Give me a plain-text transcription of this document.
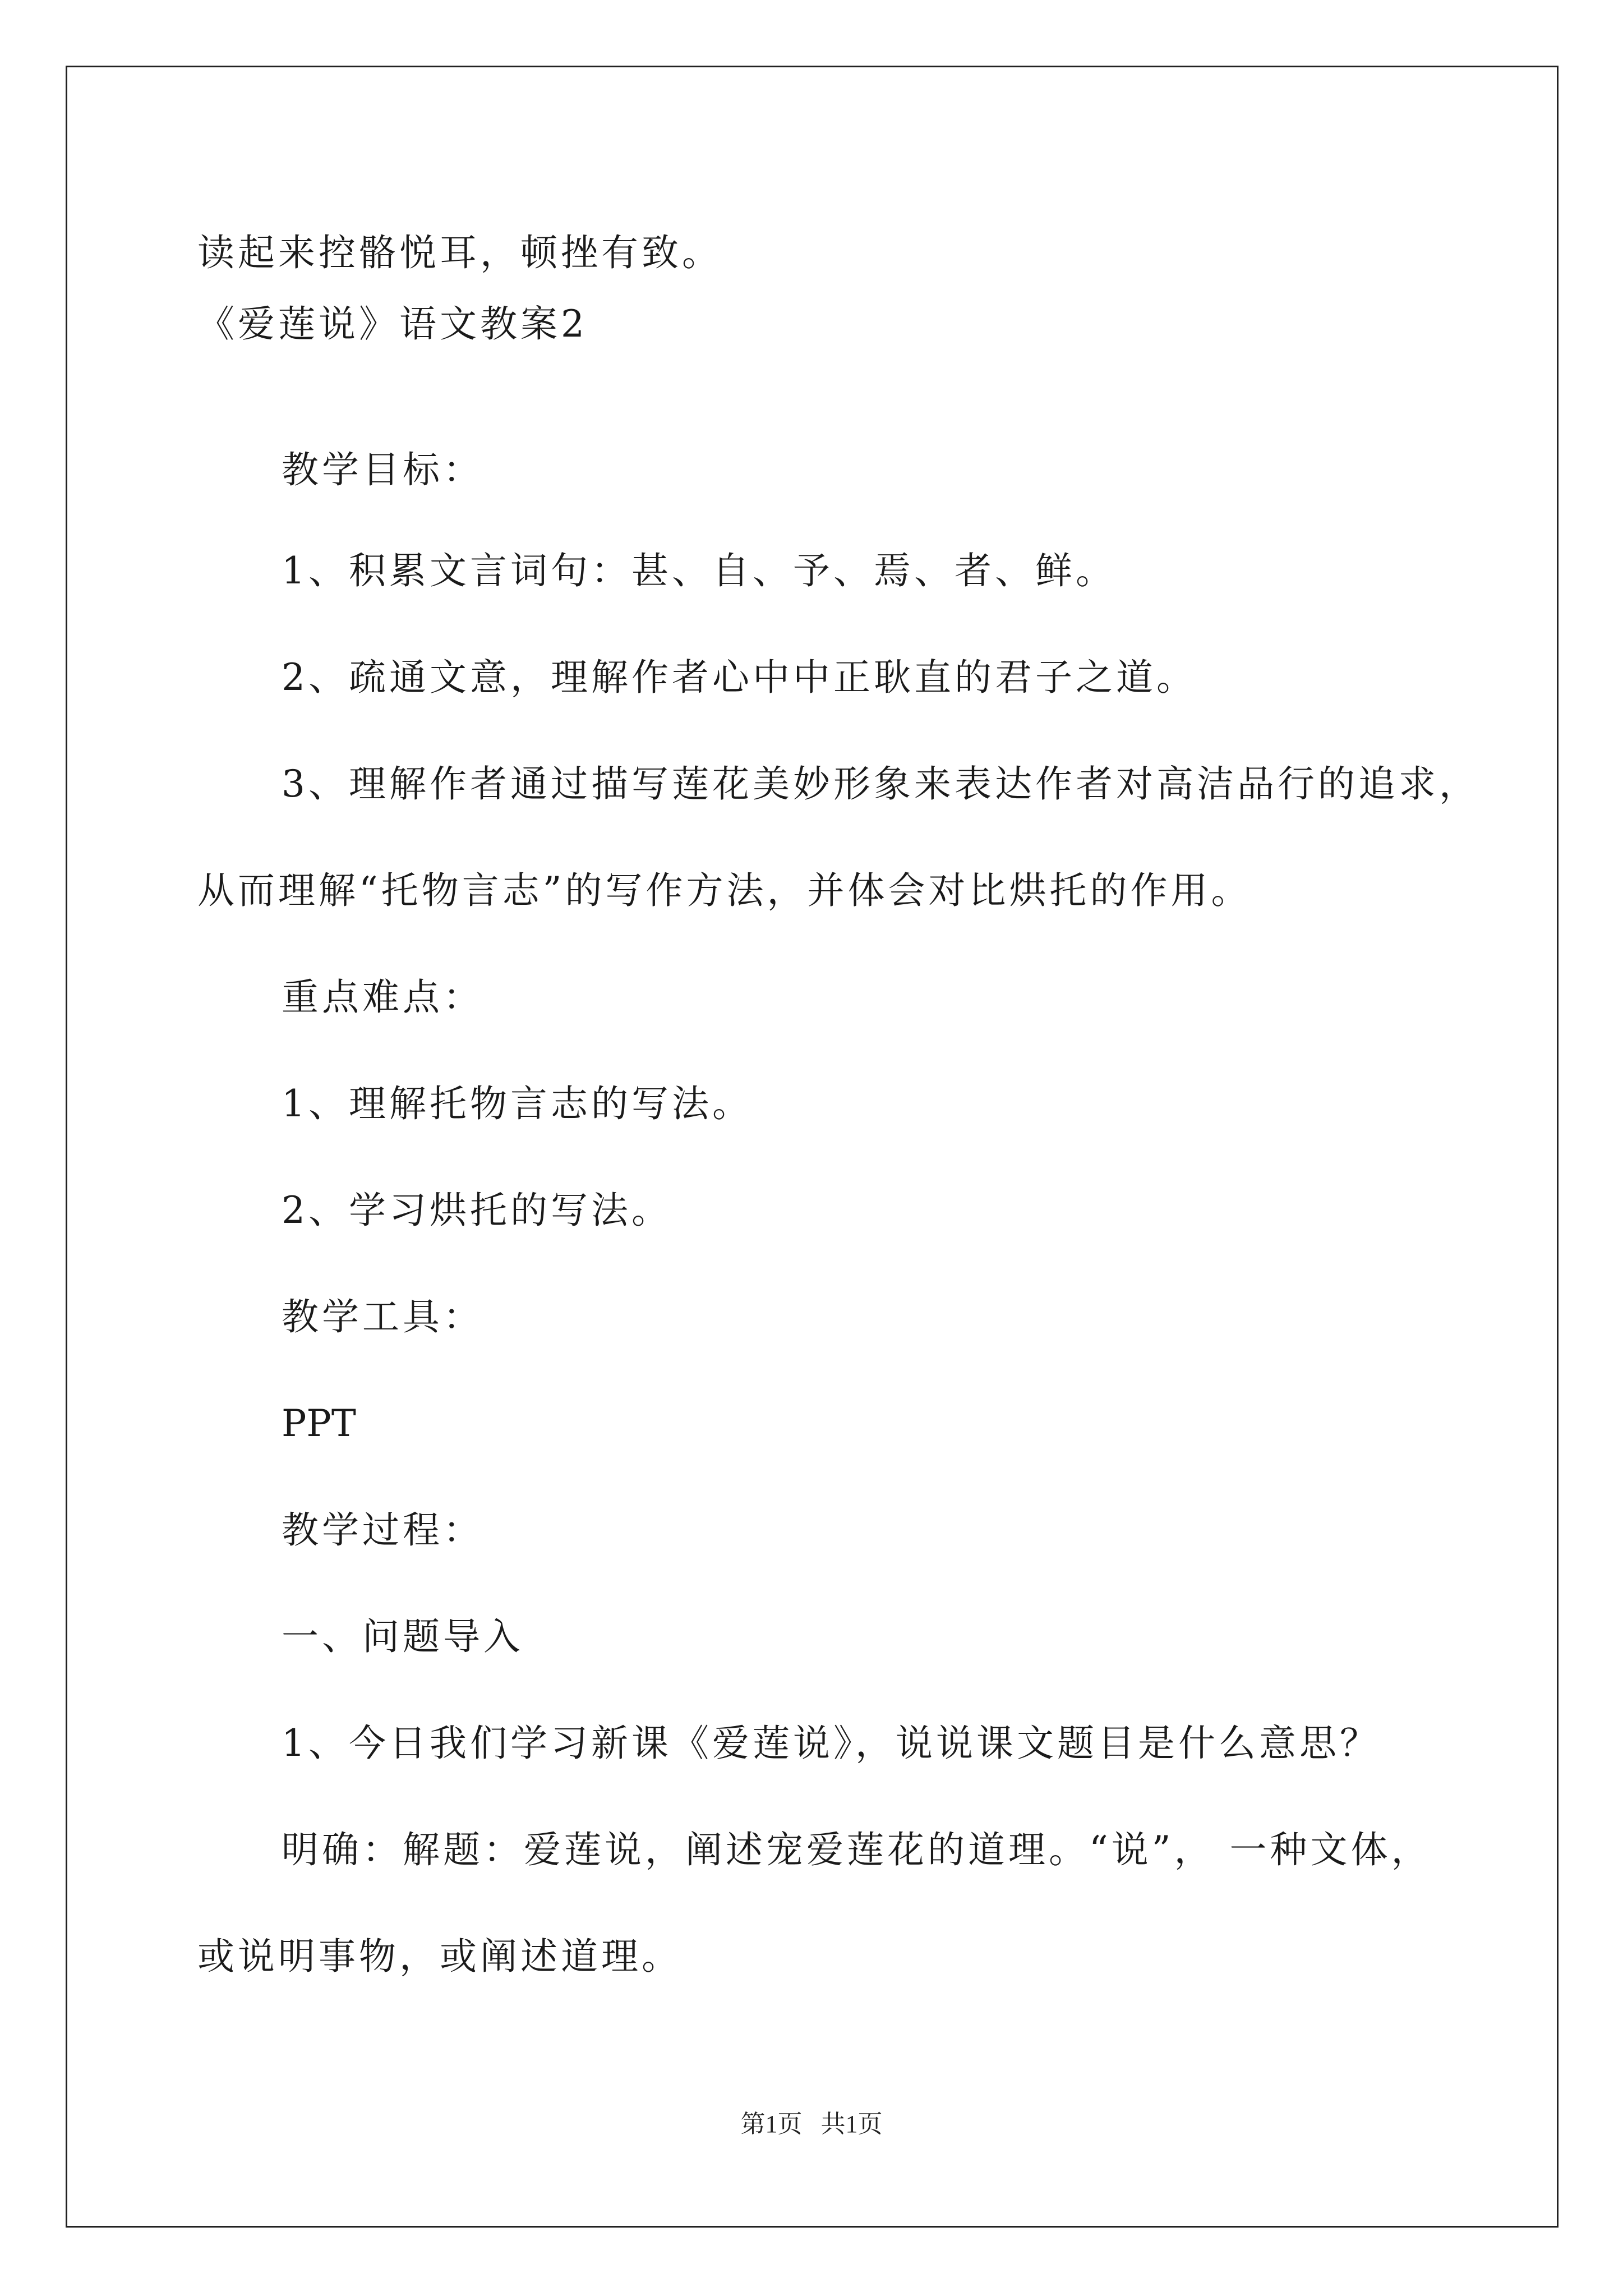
读起来控骼悦耳，顿挫有致。
《爱莲说》语文教案2
教学目标：
1、积累文言词句：甚、自、予、焉、者、鲜。
2、疏通文意，理解作者心中中正耿直的君子之道。
3、理解作者通过描写莲花美妙形象来表达作者对高洁品行的追求，
从而理解“托物言志”的写作方法，并体会对比烘托的作用。
重点难点：
1、理解托物言志的写法。
2、学习烘托的写法。
教学工具：
PPT
教学过程：
一、问题导入
1、今日我们学习新课《爱莲说》，说说课文题目是什么意思？
明确：解题：爱莲说，阐述宠爱莲花的道理。“说”， 一种文体，
或说明事物，或阐述道理。
第1页   共1页
